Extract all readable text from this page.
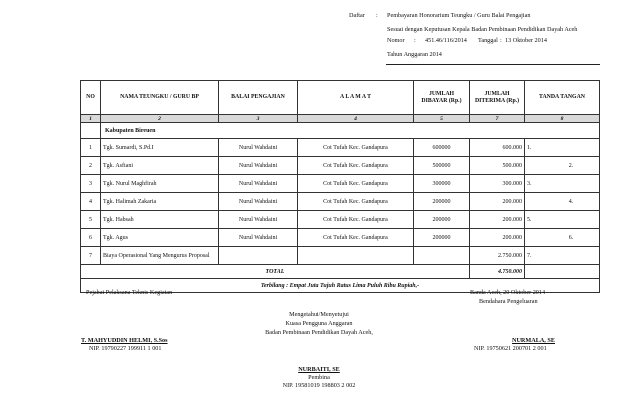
Daftar : Pembayaran Honorarium Teungku / Guru Balai Pengajian
Sesuai dengan Keputusan Kepala Badan Pembinaan Pendidikan Dayah Aceh
Nomor : 451.46/116/2014 Tanggal : 13 Oktober 2014
Tahun Anggaran 2014
NO	NAMA TEUNGKU / GURU BP	BALAI PENGAJIAN	A L A M A T	JUMLAH DIBAYAR (Rp.)	JUMLAH DITERIMA (Rp.)	TANDA TANGAN
1	2	3	4	5	7	8
	Kabupaten Bireuen					
1	Tgk. Sumardi, S.Pd.I	Nurul Wahdaini	Cot Tufah Kec. Gandapura	600000	600.000	1.
2	Tgk. Asfiani	Nurul Wahdaini	Cot Tufah Kec. Gandapura	500000	500.000	2.
3	Tgk. Nurul Maghfirah	Nurul Wahdaini	Cot Tufah Kec. Gandapura	300000	300.000	3.
4	Tgk. Halimah Zakaria	Nurul Wahdaini	Cot Tufah Kec. Gandapura	200000	200.000	4.
5	Tgk. Habsah	Nurul Wahdaini	Cot Tufah Kec. Gandapura	200000	200.000	5.
6	Tgk. Agus	Nurul Wahdaini	Cot Tufah Kec. Gandapura	200000	200.000	6.
7	Biaya Operasional Yang Mengurus Proposal				2.750.000	7.
TOTAL					4.750.000	
Terbilang : Empat Juta Tujuh Ratus Lima Puluh Ribu Rupiah,-						
Pejabat Pelaksana Teknis Kegiatan	Banda Aceh, 20 Oktober 2014
Bendahara Pengeluaran
Mengetahui/Menyetujui
Kuasa Pengguna Anggaran
Badan Pembinaan Pendidikan Dayah Aceh,
T. MAHYUDDIN HELMI, S.Sos
NIP. 19790227 199911 1 001
NURMALA, SE
NIP. 19750621 200701 2 001
NURBAITI, SE
Pembina
NIP. 19581019 198803 2 002
